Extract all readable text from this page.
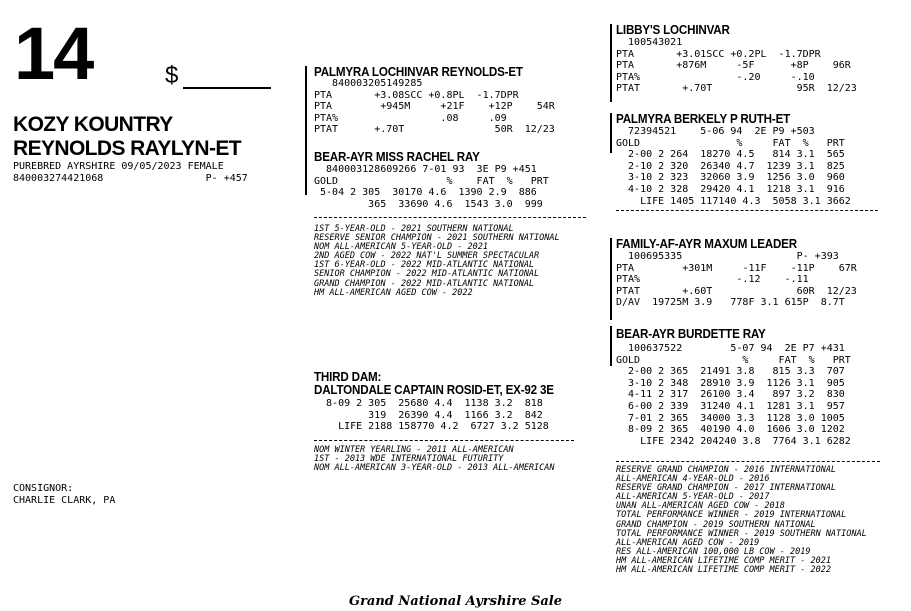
14	$
KOZY KOUNTRY
REYNOLDS RAYLYN-ET
PUREBRED AYRSHIRE 09/05/2023 FEMALE
840003274421068                 P- +457
CONSIGNOR:
CHARLIE CLARK, PA
PALMYRA LOCHINVAR REYNOLDS-ET
840003205149285
PTA       +3.08SCC +0.8PL  -1.7DPR
PTA        +945M     +21F    +12P    54R
PTA%                 .08     .09
PTAT      +.70T               50R  12/23
BEAR-AYR MISS RACHEL RAY
840003128609266 7-01 93  3E P9 +451
GOLD                  %    FAT  %   PRT
5-04 2 305  30170 4.6  1390 2.9  886
365  33690 4.6  1543 3.0  999
1ST 5-YEAR-OLD - 2021 SOUTHERN NATIONAL
RESERVE SENIOR CHAMPION - 2021 SOUTHERN NATIONAL
NOM ALL-AMERICAN 5-YEAR-OLD - 2021
2ND AGED COW - 2022 NAT'L SUMMER SPECTACULAR
1ST 6-YEAR-OLD - 2022 MID-ATLANTIC NATIONAL
SENIOR CHAMPION - 2022 MID-ATLANTIC NATIONAL
GRAND CHAMPION - 2022 MID-ATLANTIC NATIONAL
HM ALL-AMERICAN AGED COW - 2022
THIRD DAM:
DALTONDALE CAPTAIN ROSID-ET, EX-92 3E
8-09 2 305  25680 4.4  1138 3.2  818
319  26390 4.4  1166 3.2  842
LIFE 2188 158770 4.2  6727 3.2 5128
NOM WINTER YEARLING - 2011 ALL-AMERICAN
1ST - 2013 WDE INTERNATIONAL FUTURITY
NOM ALL-AMERICAN 3-YEAR-OLD - 2013 ALL-AMERICAN
LIBBY'S LOCHINVAR
100543021
PTA       +3.01SCC +0.2PL  -1.7DPR
PTA       +876M     -5F      +8P    96R
PTA%                -.20     -.10
PTAT       +.70T              95R  12/23
PALMYRA BERKELY P RUTH-ET
72394521    5-06 94  2E P9 +503
GOLD                %     FAT  %   PRT
2-00 2 264  18270 4.5   814 3.1  565
2-10 2 320  26340 4.7  1239 3.1  825
3-10 2 323  32060 3.9  1256 3.0  960
4-10 2 328  29420 4.1  1218 3.1  916
LIFE 1405 117140 4.3  5058 3.1 3662
FAMILY-AF-AYR MAXUM LEADER
100695335                   P- +393
PTA        +301M     -11F    -11P    67R
PTA%                -.12    -.11
PTAT       +.60T              60R  12/23
D/AV  19725M 3.9   778F 3.1 615P  8.7T
BEAR-AYR BURDETTE RAY
100637522        5-07 94  2E P7 +431
GOLD                 %     FAT  %   PRT
2-00 2 365  21491 3.8   815 3.3  707
3-10 2 348  28910 3.9  1126 3.1  905
4-11 2 317  26100 3.4   897 3.2  830
6-00 2 339  31240 4.1  1281 3.1  957
7-01 2 365  34000 3.3  1128 3.0 1005
8-09 2 365  40190 4.0  1606 3.0 1202
LIFE 2342 204240 3.8  7764 3.1 6282
RESERVE GRAND CHAMPION - 2016 INTERNATIONAL
ALL-AMERICAN 4-YEAR-OLD - 2016
RESERVE GRAND CHAMPION - 2017 INTERNATIONAL
ALL-AMERICAN 5-YEAR-OLD - 2017
UNAN ALL-AMERICAN AGED COW - 2018
TOTAL PERFORMANCE WINNER - 2019 INTERNATIONAL
GRAND CHAMPION - 2019 SOUTHERN NATIONAL
TOTAL PERFORMANCE WINNER - 2019 SOUTHERN NATIONAL
ALL-AMERICAN AGED COW - 2019
RES ALL-AMERICAN 100,000 LB COW - 2019
HM ALL-AMERICAN LIFETIME COMP MERIT - 2021
HM ALL-AMERICAN LIFETIME COMP MERIT - 2022
Grand National Ayrshire Sale
